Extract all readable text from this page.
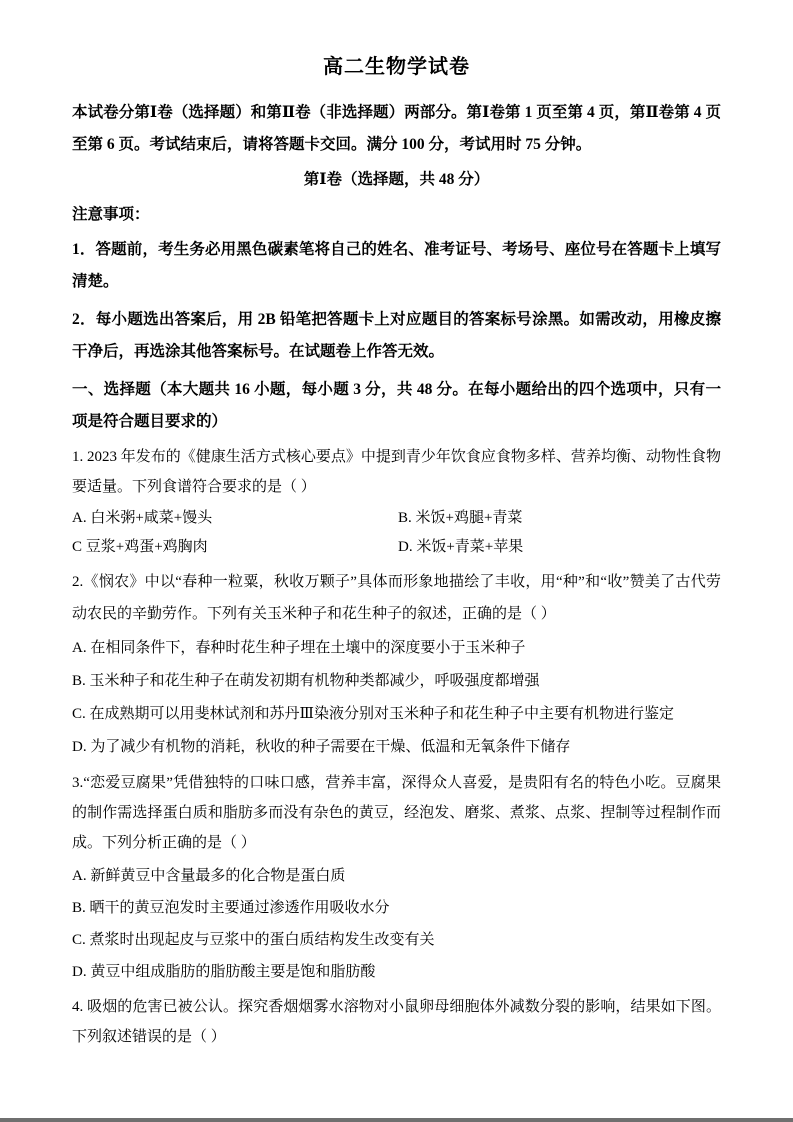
高二生物学试卷

本试卷分第Ⅰ卷（选择题）和第Ⅱ卷（非选择题）两部分。第Ⅰ卷第 1 页至第 4 页，第Ⅱ卷第 4 页至第 6 页。考试结束后，请将答题卡交回。满分 100 分，考试用时 75 分钟。

第Ⅰ卷（选择题，共 48 分）

注意事项：

1．答题前，考生务必用黑色碳素笔将自己的姓名、准考证号、考场号、座位号在答题卡上填写清楚。

2．每小题选出答案后，用 2B 铅笔把答题卡上对应题目的答案标号涂黑。如需改动，用橡皮擦干净后，再选涂其他答案标号。在试题卷上作答无效。

一、选择题（本大题共 16 小题，每小题 3 分，共 48 分。在每小题给出的四个选项中，只有一项是符合题目要求的）

1. 2023 年发布的《健康生活方式核心要点》中提到青少年饮食应食物多样、营养均衡、动物性食物要适量。下列食谱符合要求的是（ ）

A. 白米粥+咸菜+馒头	B. 米饭+鸡腿+青菜
C 豆浆+鸡蛋+鸡胸肉	D. 米饭+青菜+苹果

2.《悯农》中以“春种一粒粟，秋收万颗子”具体而形象地描绘了丰收，用“种”和“收”赞美了古代劳动农民的辛勤劳作。下列有关玉米种子和花生种子的叙述，正确的是（ ）

A. 在相同条件下，春种时花生种子埋在土壤中的深度要小于玉米种子
B. 玉米种子和花生种子在萌发初期有机物种类都减少，呼吸强度都增强
C. 在成熟期可以用斐林试剂和苏丹Ⅲ染液分别对玉米种子和花生种子中主要有机物进行鉴定
D. 为了减少有机物的消耗，秋收的种子需要在干燥、低温和无氧条件下储存

3.“恋爱豆腐果”凭借独特的口味口感，营养丰富，深得众人喜爱，是贵阳有名的特色小吃。豆腐果的制作需选择蛋白质和脂肪多而没有杂色的黄豆，经泡发、磨浆、煮浆、点浆、捏制等过程制作而成。下列分析正确的是（ ）

A. 新鲜黄豆中含量最多的化合物是蛋白质
B. 晒干的黄豆泡发时主要通过渗透作用吸收水分
C. 煮浆时出现起皮与豆浆中的蛋白质结构发生改变有关
D. 黄豆中组成脂肪的脂肪酸主要是饱和脂肪酸

4. 吸烟的危害已被公认。探究香烟烟雾水溶物对小鼠卵母细胞体外减数分裂的影响，结果如下图。下列叙述错误的是（ ）
